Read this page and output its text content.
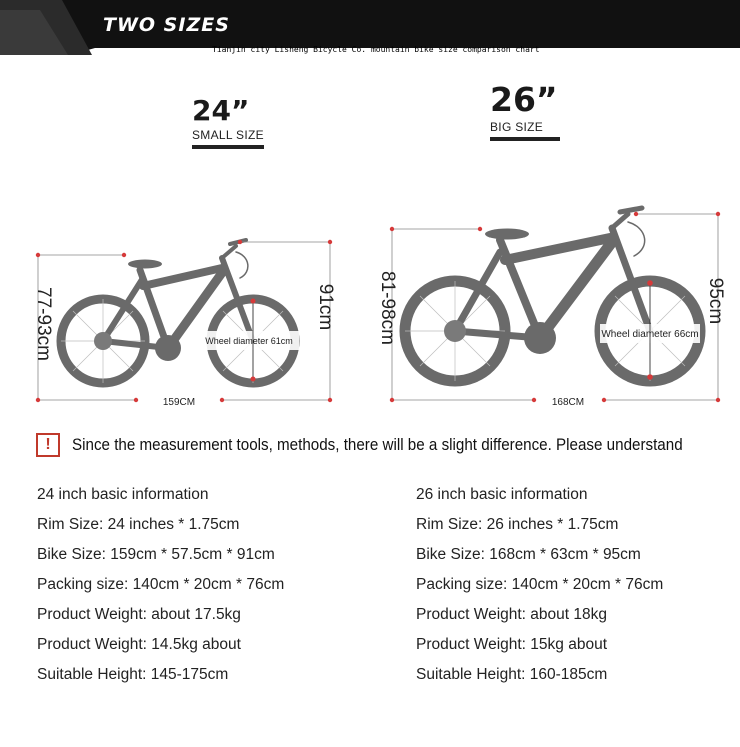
TWO SIZES
Tianjin city Lisheng Bicycle Co. mountain bike size comparison chart
24”
SMALL SIZE
26”
BIG SIZE
Wheel diameter 61cm
159CM
77-93cm	91cm
Wheel diameter 66cm
168CM
81-98cm	95cm
!	Since the measurement tools, methods, there will be a slight difference. Please understand
24 inch basic information
Rim Size: 24 inches * 1.75cm
Bike Size: 159cm * 57.5cm * 91cm
Packing size: 140cm * 20cm * 76cm
Product Weight: about 17.5kg
Product Weight: 14.5kg about
Suitable Height: 145-175cm
26 inch basic information
Rim Size: 26 inches * 1.75cm
Bike Size: 168cm * 63cm * 95cm
Packing size: 140cm * 20cm * 76cm
Product Weight: about 18kg
Product Weight: 15kg about
Suitable Height: 160-185cm
